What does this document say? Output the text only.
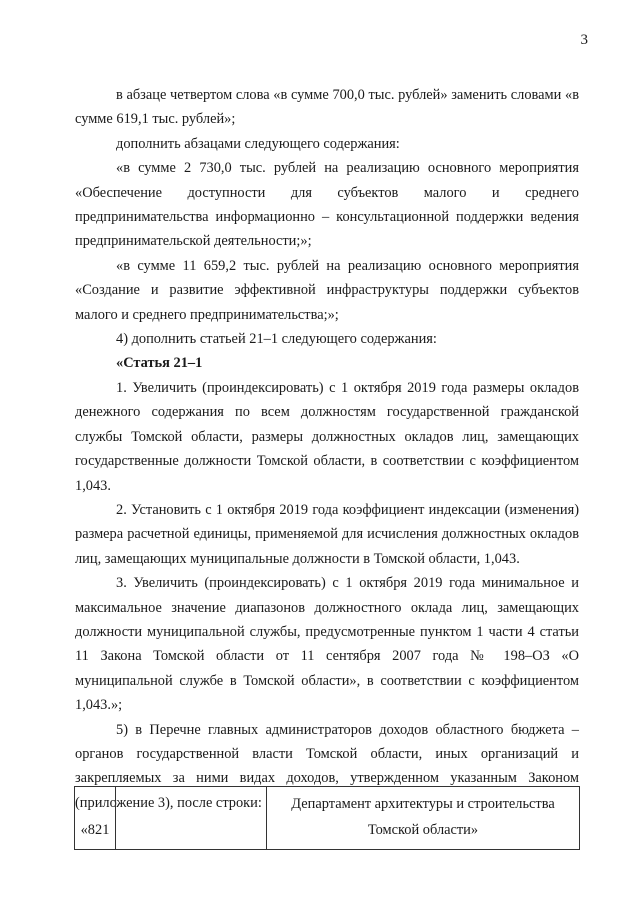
3

в абзаце четвертом слова «в сумме 700,0 тыс. рублей» заменить словами «в сумме 619,1 тыс. рублей»;

дополнить абзацами следующего содержания:

«в сумме 2 730,0 тыс. рублей на реализацию основного мероприятия «Обеспечение доступности для субъектов малого и среднего предпринимательства информационно – консультационной поддержки ведения предпринимательской деятельности;»;

«в сумме 11 659,2 тыс. рублей на реализацию основного мероприятия «Создание и развитие эффективной инфраструктуры поддержки субъектов малого и среднего предпринимательства;»;

4) дополнить статьей 21–1 следующего содержания:

«Статья 21–1

1. Увеличить (проиндексировать) с 1 октября 2019 года размеры окладов денежного содержания по всем должностям государственной гражданской службы Томской области, размеры должностных окладов лиц, замещающих государственные должности Томской области, в соответствии с коэффициентом 1,043.

2. Установить с 1 октября 2019 года коэффициент индексации (изменения) размера расчетной единицы, применяемой для исчисления должностных окладов лиц, замещающих муниципальные должности в Томской области, 1,043.

3. Увеличить (проиндексировать) с 1 октября 2019 года минимальное и максимальное значение диапазонов должностного оклада лиц, замещающих должности муниципальной службы, предусмотренные пунктом 1 части 4 статьи 11 Закона Томской области от 11 сентября 2007 года № 198–ОЗ «О муниципальной службе в Томской области», в соответствии с коэффициентом 1,043.»;

5) в Перечне главных администраторов доходов областного бюджета – органов государственной власти Томской области, иных организаций и закрепляемых за ними видах доходов, утвержденном указанным Законом (приложение 3), после строки:

«821		Департамент архитектуры и строительства Томской области»
